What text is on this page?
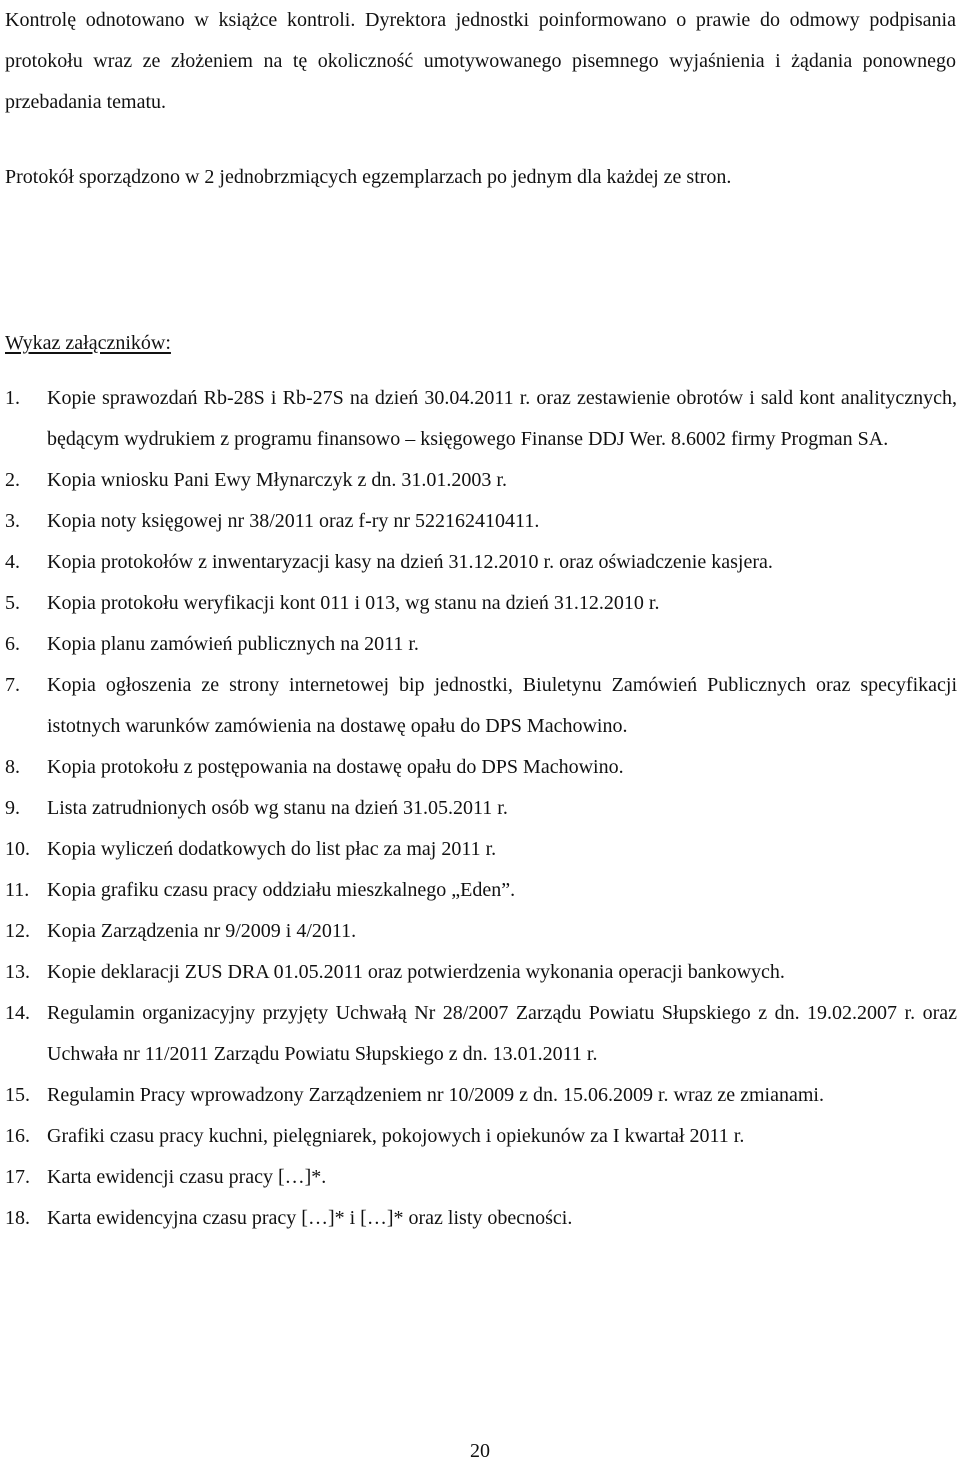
Kontrolę odnotowano w książce kontroli. Dyrektora jednostki poinformowano o prawie do odmowy podpisania protokołu wraz ze złożeniem na tę okoliczność umotywowanego pisemnego wyjaśnienia i żądania ponownego przebadania tematu.

Protokół sporządzono w 2 jednobrzmiących egzemplarzach po jednym dla każdej ze stron.

Wykaz załączników:

1.	Kopie sprawozdań Rb-28S i Rb-27S na dzień 30.04.2011 r. oraz zestawienie obrotów i sald kont analitycznych, będącym wydrukiem z programu finansowo – księgowego Finanse DDJ Wer. 8.6002 firmy Progman SA.
2.	Kopia wniosku Pani Ewy Młynarczyk z dn. 31.01.2003 r.
3.	Kopia noty księgowej nr 38/2011 oraz f-ry nr 522162410411.
4.	Kopia protokołów z inwentaryzacji kasy na dzień 31.12.2010 r. oraz oświadczenie kasjera.
5.	Kopia protokołu weryfikacji kont 011 i 013, wg stanu na dzień 31.12.2010 r.
6.	Kopia planu zamówień publicznych na 2011 r.
7.	Kopia ogłoszenia ze strony internetowej bip jednostki, Biuletynu Zamówień Publicznych oraz specyfikacji istotnych warunków zamówienia na dostawę opału do DPS Machowino.
8.	Kopia protokołu z postępowania na dostawę opału do DPS Machowino.
9.	Lista zatrudnionych osób wg stanu na dzień 31.05.2011 r.
10. Kopia wyliczeń dodatkowych do list płac za maj 2011 r.
11. Kopia grafiku czasu pracy oddziału mieszkalnego „Eden”.
12. Kopia Zarządzenia nr 9/2009 i 4/2011.
13. Kopie deklaracji ZUS DRA 01.05.2011 oraz potwierdzenia wykonania operacji bankowych.
14. Regulamin organizacyjny przyjęty Uchwałą Nr 28/2007 Zarządu Powiatu Słupskiego z dn. 19.02.2007 r. oraz Uchwała nr 11/2011 Zarządu Powiatu Słupskiego z dn. 13.01.2011 r.
15. Regulamin Pracy wprowadzony Zarządzeniem nr 10/2009 z dn. 15.06.2009 r. wraz ze zmianami.
16. Grafiki czasu pracy kuchni, pielęgniarek, pokojowych i opiekunów za I kwartał 2011 r.
17. Karta ewidencji czasu pracy […]*.
18. Karta ewidencyjna czasu pracy […]* i […]* oraz listy obecności.

20
